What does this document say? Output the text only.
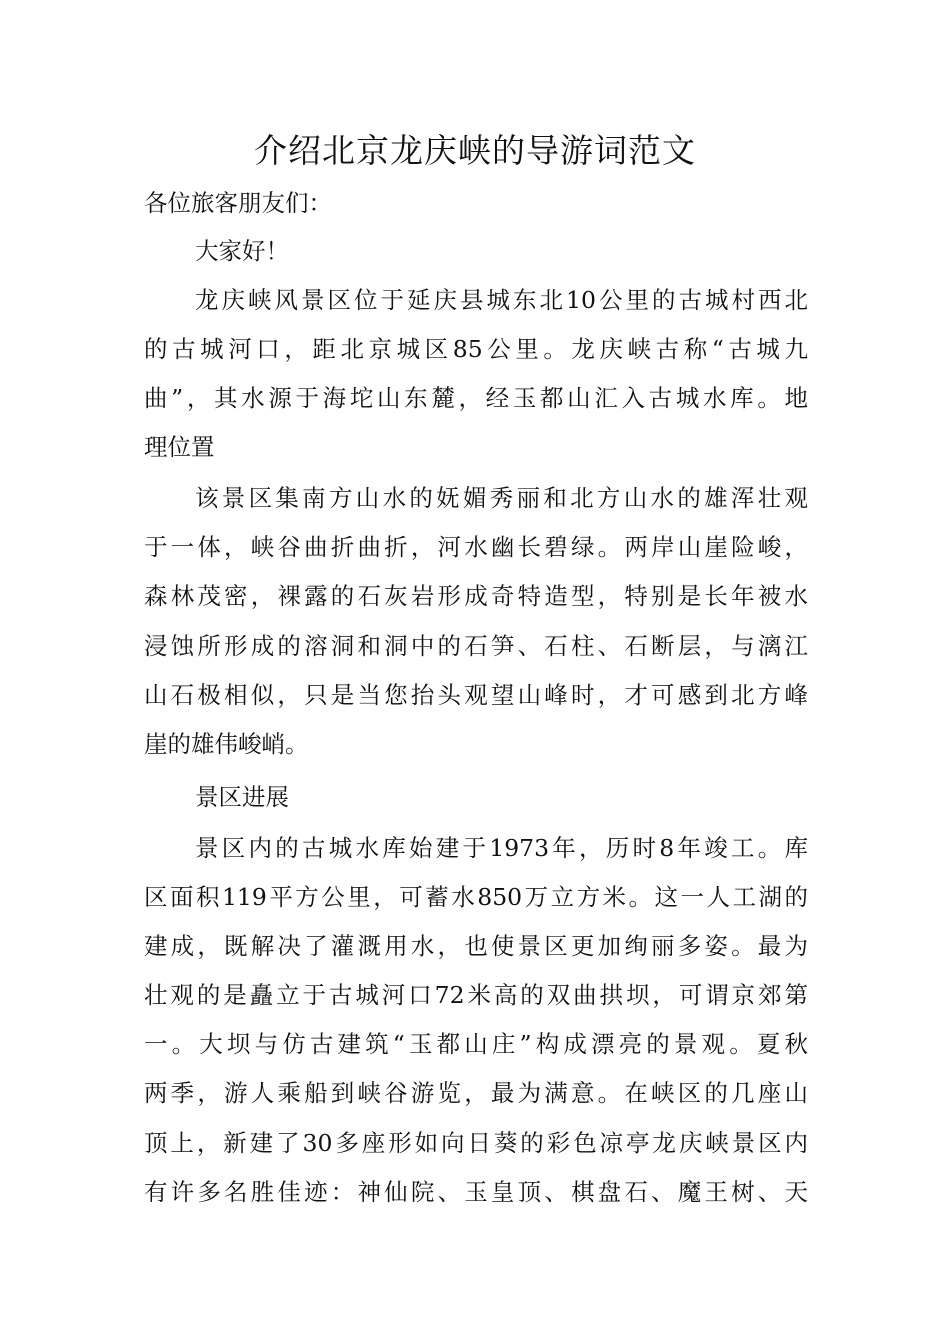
介绍北京龙庆峡的导游词范文
各位旅客朋友们：
大家好！
龙庆峡风景区位于延庆县城东北10公里的古城村西北
的古城河口，距北京城区85公里。龙庆峡古称“古城九
曲”，其水源于海坨山东麓，经玉都山汇入古城水库。地
理位置
该景区集南方山水的妩媚秀丽和北方山水的雄浑壮观
于一体，峡谷曲折曲折，河水幽长碧绿。两岸山崖险峻，
森林茂密，裸露的石灰岩形成奇特造型，特别是长年被水
浸蚀所形成的溶洞和洞中的石笋、石柱、石断层，与漓江
山石极相似，只是当您抬头观望山峰时，才可感到北方峰
崖的雄伟峻峭。
景区进展
景区内的古城水库始建于1973年，历时8年竣工。库
区面积119平方公里，可蓄水850万立方米。这一人工湖的
建成，既解决了灌溉用水，也使景区更加绚丽多姿。最为
壮观的是矗立于古城河口72米高的双曲拱坝，可谓京郊第
一。大坝与仿古建筑“玉都山庄”构成漂亮的景观。夏秋
两季，游人乘船到峡谷游览，最为满意。在峡区的几座山
顶上，新建了30多座形如向日葵的彩色凉亭龙庆峡景区内
有许多名胜佳迹：神仙院、玉皇顶、棋盘石、魔王树、天
